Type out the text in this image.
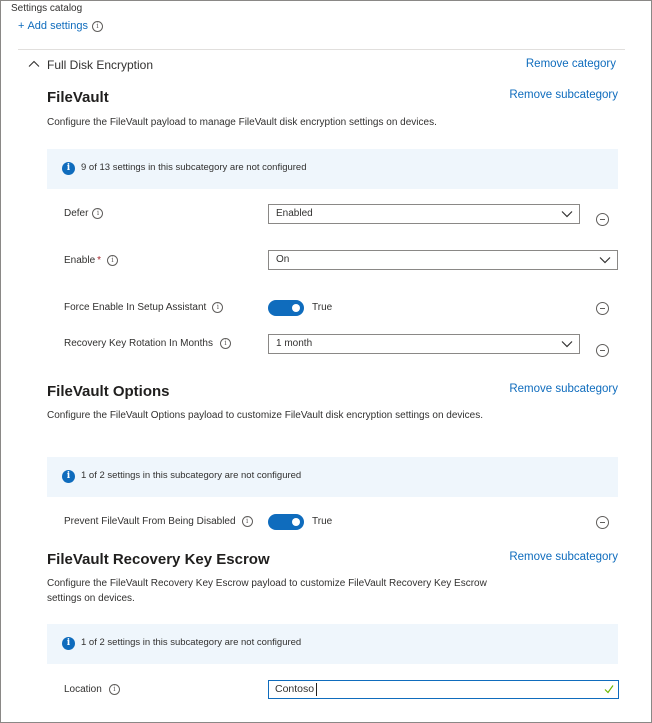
Settings catalog
+ Add settings i
Full Disk Encryption	Remove category
FileVault	Remove subcategory
Configure the FileVault payload to manage FileVault disk encryption settings on devices.
i	9 of 13 settings in this subcategory are not configured
Defer i	Enabled
Enable * i	On
Force Enable In Setup Assistant i	True
Recovery Key Rotation In Months i	1 month
FileVault Options	Remove subcategory
Configure the FileVault Options payload to customize FileVault disk encryption settings on devices.
i	1 of 2 settings in this subcategory are not configured
Prevent FileVault From Being Disabled i	True
FileVault Recovery Key Escrow	Remove subcategory
Configure the FileVault Recovery Key Escrow payload to customize FileVault Recovery Key Escrow settings on devices.
i	1 of 2 settings in this subcategory are not configured
Location i	Contoso
